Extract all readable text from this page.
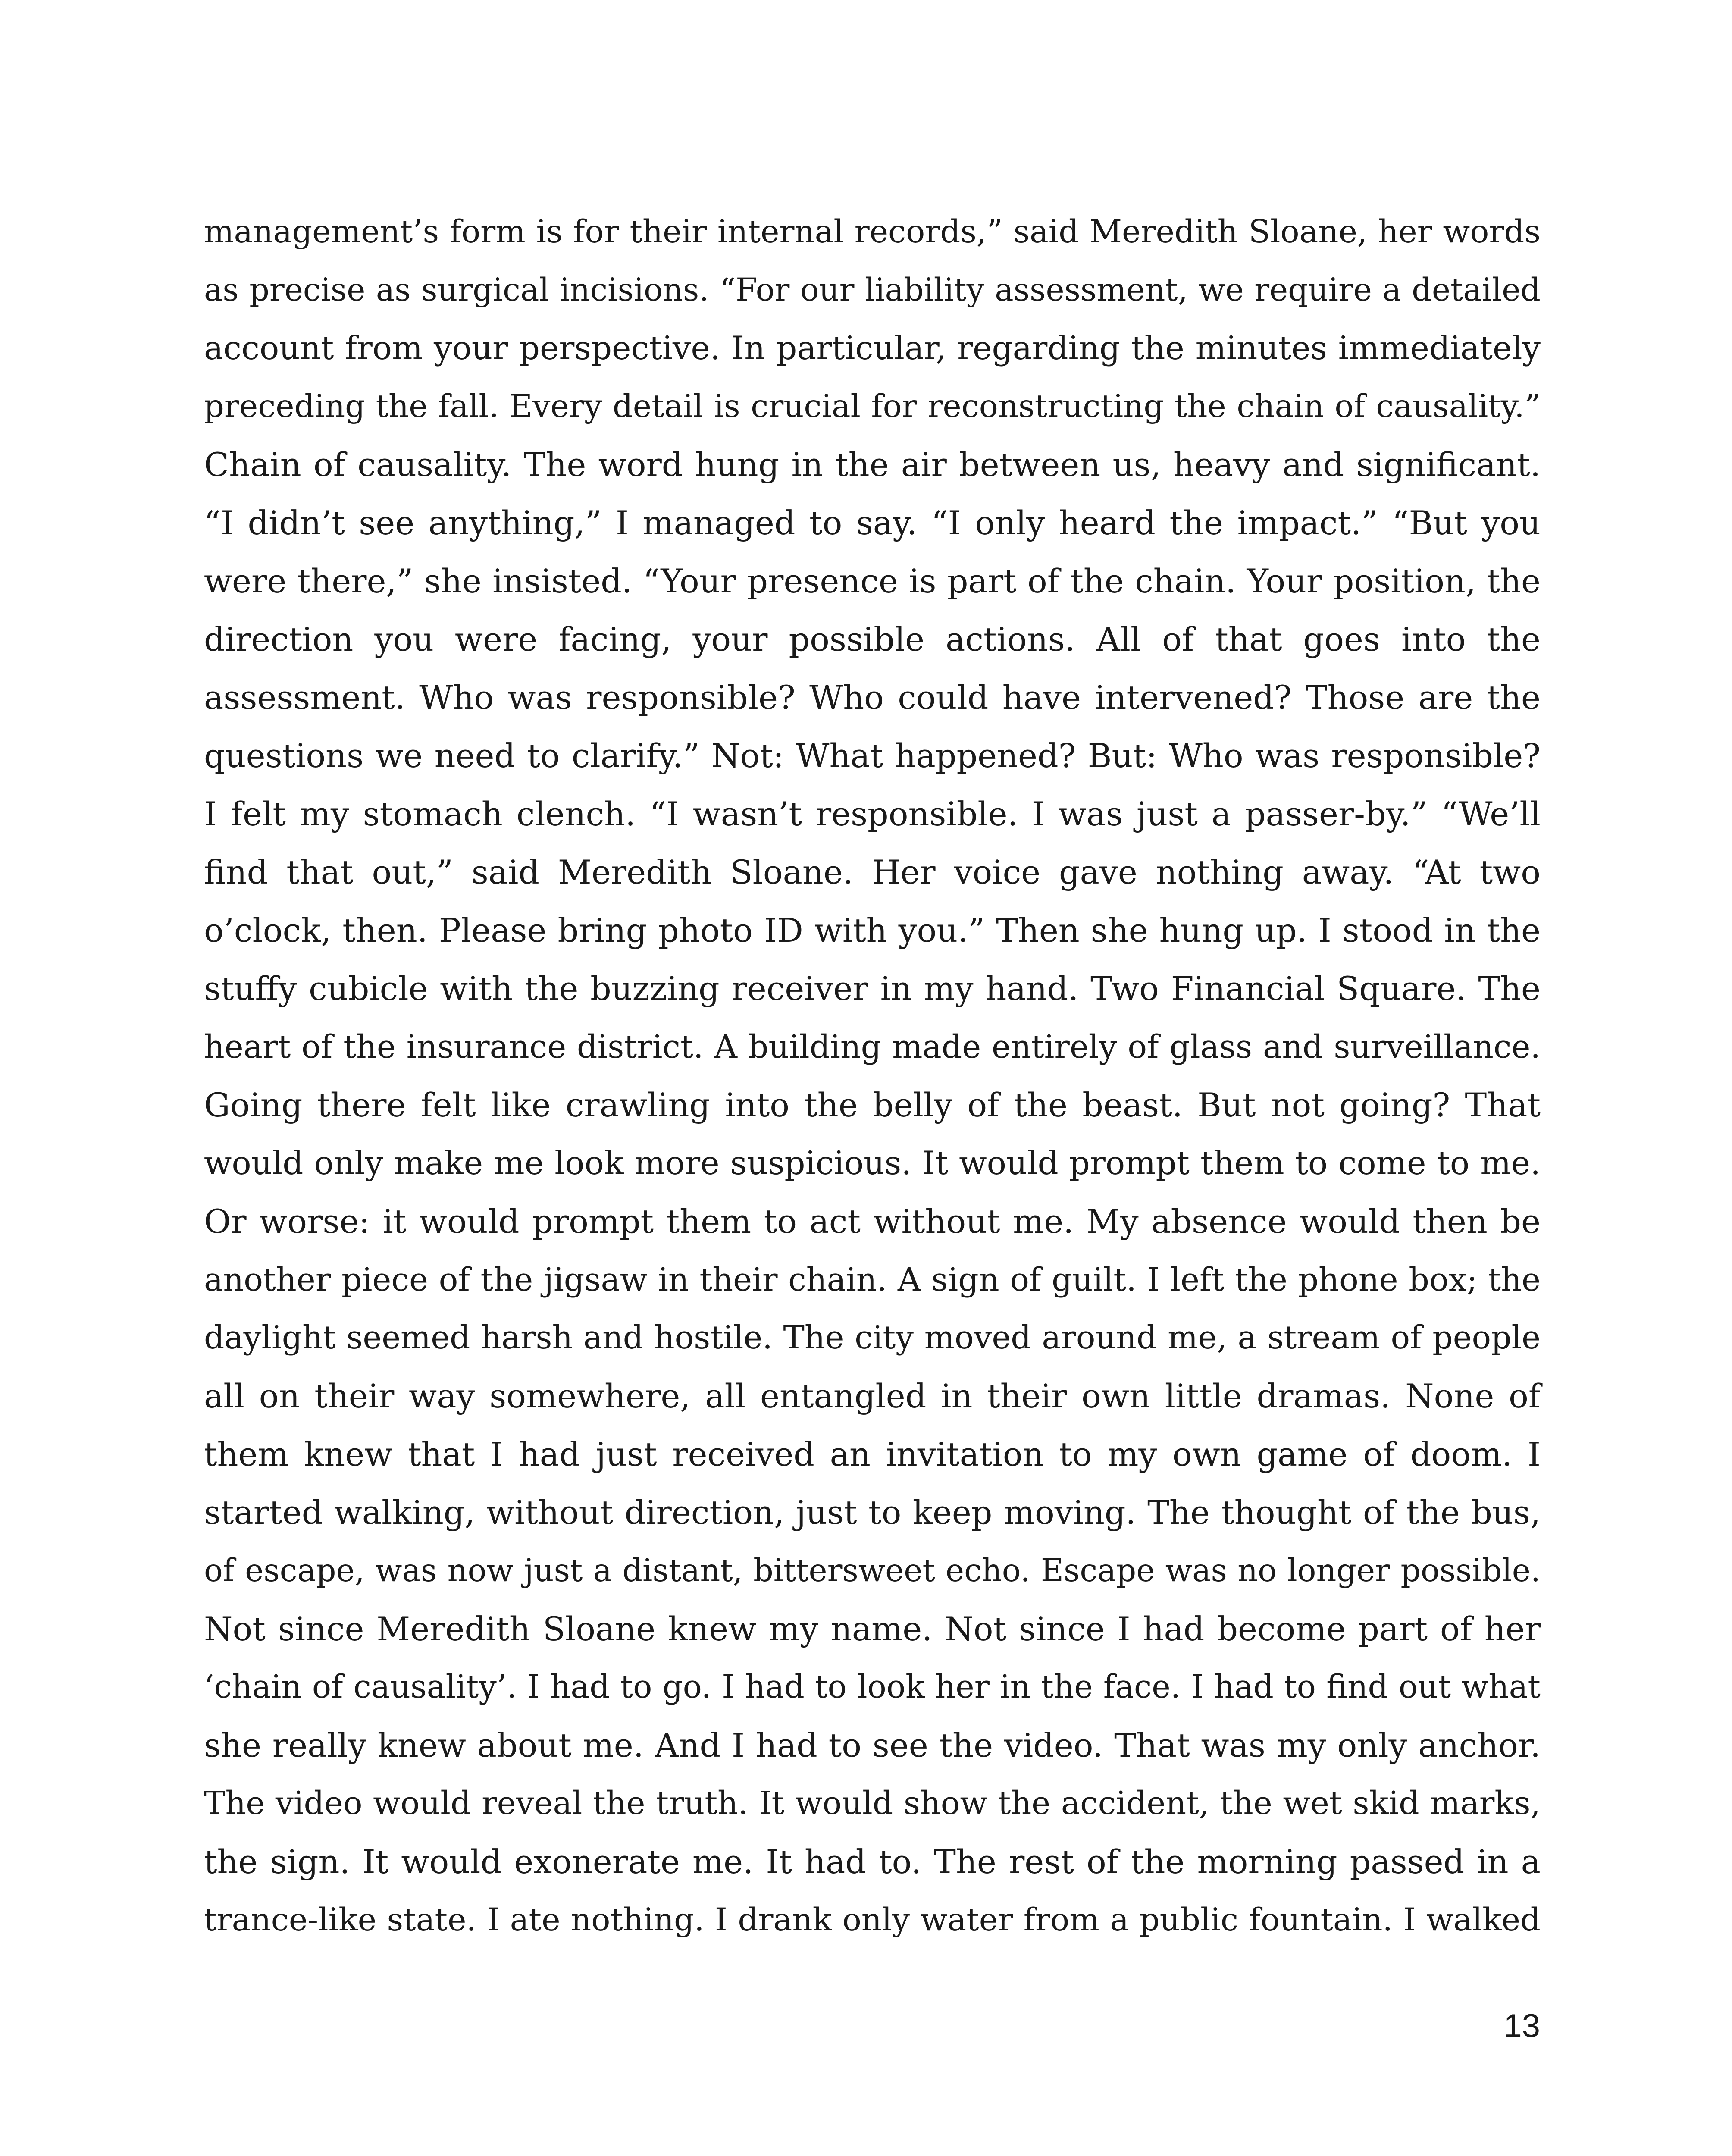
management’s form is for their internal records,” said Meredith Sloane, her words
as precise as surgical incisions. “For our liability assessment, we require a detailed
account from your perspective. In particular, regarding the minutes immediately
preceding the fall. Every detail is crucial for reconstructing the chain of causality.”
Chain of causality. The word hung in the air between us, heavy and significant.
“I didn’t see anything,” I managed to say. “I only heard the impact.” “But you
were there,” she insisted. “Your presence is part of the chain. Your position, the
direction you were facing, your possible actions. All of that goes into the
assessment. Who was responsible? Who could have intervened? Those are the
questions we need to clarify.” Not: What happened? But: Who was responsible?
I felt my stomach clench. “I wasn’t responsible. I was just a passer-by.” “We’ll
find that out,” said Meredith Sloane. Her voice gave nothing away. “At two
o’clock, then. Please bring photo ID with you.” Then she hung up. I stood in the
stuffy cubicle with the buzzing receiver in my hand. Two Financial Square. The
heart of the insurance district. A building made entirely of glass and surveillance.
Going there felt like crawling into the belly of the beast. But not going? That
would only make me look more suspicious. It would prompt them to come to me.
Or worse: it would prompt them to act without me. My absence would then be
another piece of the jigsaw in their chain. A sign of guilt. I left the phone box; the
daylight seemed harsh and hostile. The city moved around me, a stream of people
all on their way somewhere, all entangled in their own little dramas. None of
them knew that I had just received an invitation to my own game of doom. I
started walking, without direction, just to keep moving. The thought of the bus,
of escape, was now just a distant, bittersweet echo. Escape was no longer possible.
Not since Meredith Sloane knew my name. Not since I had become part of her
‘chain of causality’. I had to go. I had to look her in the face. I had to find out what
she really knew about me. And I had to see the video. That was my only anchor.
The video would reveal the truth. It would show the accident, the wet skid marks,
the sign. It would exonerate me. It had to. The rest of the morning passed in a
trance-like state. I ate nothing. I drank only water from a public fountain. I walked
13
